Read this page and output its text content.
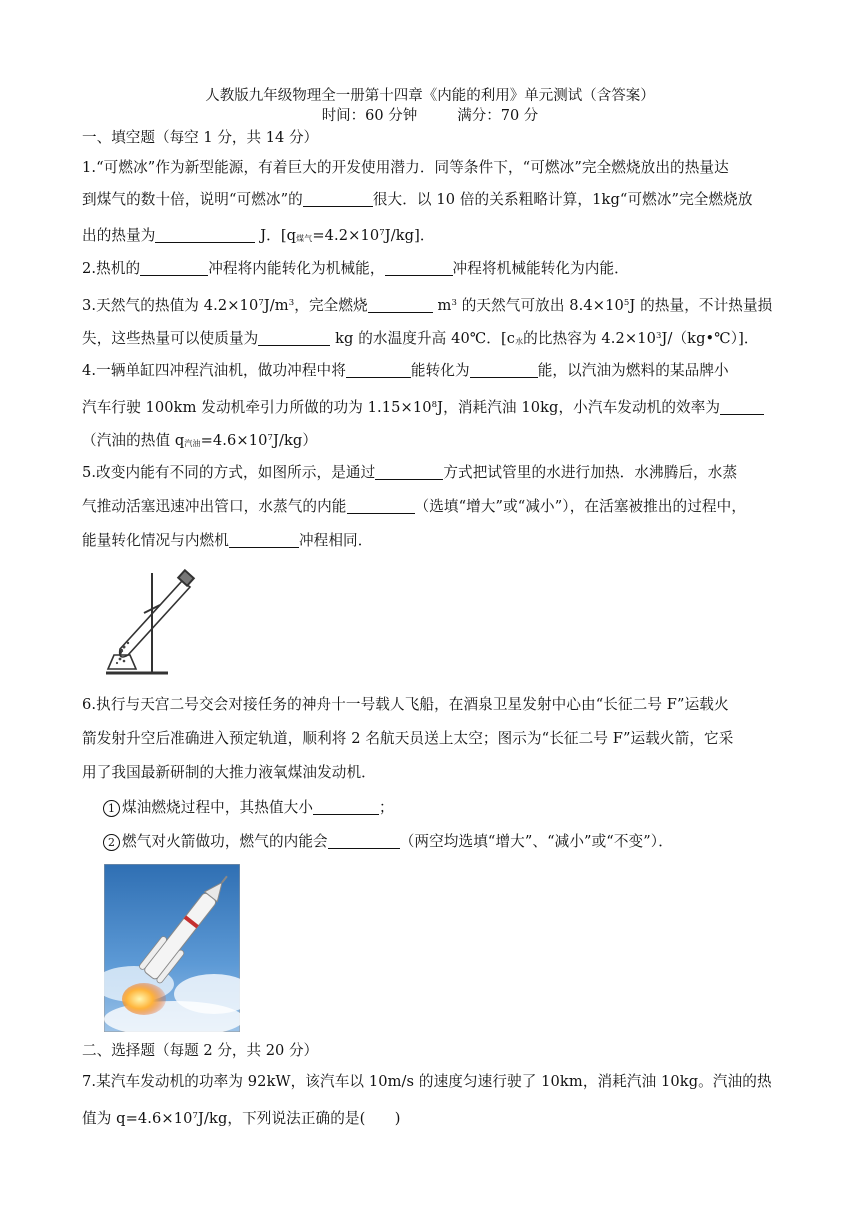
人教版九年级物理全一册第十四章《内能的利用》单元测试（含答案）
时间：60 分钟	满分：70 分
一、填空题（每空 1 分，共 14 分）
1.“可燃冰”作为新型能源，有着巨大的开发使用潜力．同等条件下，“可燃冰”完全燃烧放出的热量达
到煤气的数十倍，说明“可燃冰”的	很大．以 10 倍的关系粗略计算，1kg“可燃冰”完全燃烧放
出的热量为	J．[q煤气$=4.2\times 10^7J/kg$]．
2.热机的	冲程将内能转化为机械能，	冲程将机械能转化为内能．
3.天然气的热值为 $4.2\times 10^7J/m^3$，完全燃烧	$m^3$ 的天然气可放出 $8.4\times 10^5J$ 的热量，不计热量损
失，这些热量可以使质量为	kg 的水温度升高 40℃．[c水的比热容为 $4.2\times 10^3J/(kg•℃)$]．
4.一辆单缸四冲程汽油机，做功冲程中将	能转化为	能，以汽油为燃料的某品牌小
汽车行驶 100km 发动机牵引力所做的功为 $1.15\times 10^8J$，消耗汽油 10kg，小汽车发动机的效率为
（汽油的热值 q汽油$=4.6\times 10^7J/kg$）
5.改变内能有不同的方式，如图所示，是通过	方式把试管里的水进行加热．水沸腾后，水蒸
气推动活塞迅速冲出管口，水蒸气的内能	（选填“增大”或“减小”），在活塞被推出的过程中，
能量转化情况与内燃机	冲程相同．
6.执行与天宫二号交会对接任务的神舟十一号载人飞船，在酒泉卫星发射中心由“长征二号 F”运载火
箭发射升空后准确进入预定轨道，顺利将 2 名航天员送上太空；图示为“长征二号 F”运载火箭，它采
用了我国最新研制的大推力液氧煤油发动机．
1 煤油燃烧过程中，其热值大小	；
2 燃气对火箭做功，燃气的内能会	（两空均选填“增大”、“减小”或“不变”）．
二、选择题（每题 2 分，共 20 分）
7.某汽车发动机的功率为 92kW，该汽车以 10m/s 的速度匀速行驶了 10km，消耗汽油 10kg。汽油的热
值为 $q=4.6\times 10^7J/kg$，下列说法正确的是(　　)
